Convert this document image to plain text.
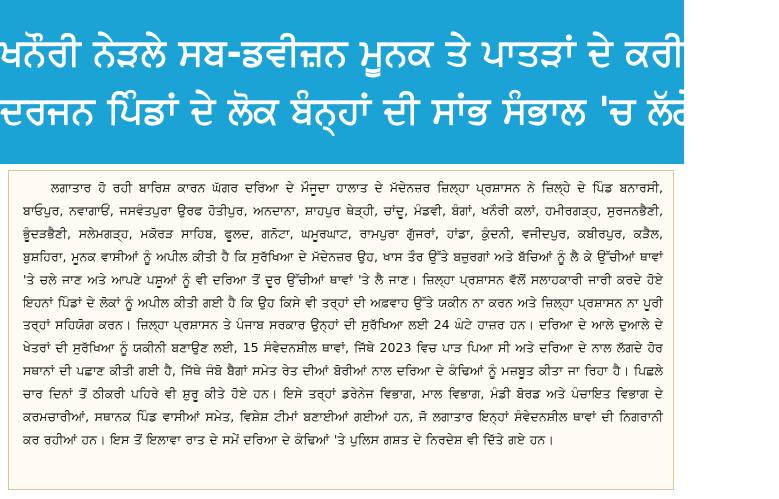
ਖਨੌਰੀ ਨੇੜਲੇ ਸਬ-ਡਵੀਜ਼ਨ ਮੂਨਕ ਤੇ ਪਾਤੜਾਂ ਦੇ ਕਰੀਬ ਤਿੰਨ
ਦਰਜਨ ਪਿੰਡਾਂ ਦੇ ਲੋਕ ਬੰਨ੍ਹਾਂ ਦੀ ਸਾਂਭ ਸੰਭਾਲ 'ਚ ਲੱਗੇ

ਲਗਾਤਾਰ ਹੋ ਰਹੀ ਬਾਰਿਸ਼ ਕਾਰਨ ਘੱਗਰ ਦਰਿਆ ਦੇ ਮੌਜੂਦਾ ਹਾਲਾਤ ਦੇ ਮੱਦੇਨਜ਼ਰ ਜ਼ਿਲ੍ਹਾ ਪ੍ਰਸ਼ਾਸਨ ਨੇ ਜ਼ਿਲ੍ਹੇ ਦੇ ਪਿੰਡ ਬਨਾਰਸੀ, ਬਾਓਪੁਰ, ਨਵਾਗਾਓਂ, ਜਸਵੰਤਪੁਰਾ ਉਰਫ ਹੋਤੀਪੁਰ, ਅਨਦਾਨਾ, ਸ਼ਾਹਪੁਰ ਥੇੜ੍ਹੀ, ਚਾਂਦੂ, ਮੰਡਵੀ, ਬੰਗਾਂ, ਖਨੌਰੀ ਕਲਾਂ, ਹਮੀਰਗੜ੍ਹ, ਸੁਰਜਨਭੈਣੀ, ਭੂੰਦੜਭੈਣੀ, ਸਲੇਮਗੜ੍ਹ, ਮਕੋਰੜ ਸਾਹਿਬ, ਫੂਲਦ, ਗਨੋਟਾ, ਘਮੂਰਘਾਟ, ਰਾਮਪੁਰਾ ਗੁੱਜਰਾਂ, ਹਾਂਡਾ, ਕੁੰਦਨੀ, ਵਜੀਦਪੁਰ, ਕਬੀਰਪੁਰ, ਕੜੈਲ, ਬੁਸ਼ਹਿਰਾ, ਮੂਨਕ ਵਾਸੀਆਂ ਨੂੰ ਅਪੀਲ ਕੀਤੀ ਹੈ ਕਿ ਸੁਰੱਖਿਆ ਦੇ ਮੱਦੇਨਜ਼ਰ ਉਹ, ਖਾਸ ਤੌਰ ਉੱਤੇ ਬਜ਼ੁਰਗਾਂ ਅਤੇ ਬੱਚਿਆਂ ਨੂੰ ਲੈ ਕੇ ਉੱਚੀਆਂ ਥਾਵਾਂ 'ਤੇ ਚਲੇ ਜਾਣ ਅਤੇ ਆਪਣੇ ਪਸ਼ੂਆਂ ਨੂੰ ਵੀ ਦਰਿਆ ਤੋਂ ਦੂਰ ਉੱਚੀਆਂ ਥਾਵਾਂ 'ਤੇ ਲੈ ਜਾਣ। ਜ਼ਿਲ੍ਹਾ ਪ੍ਰਸ਼ਾਸਨ ਵੱਲੋਂ ਸਲਾਹਕਾਰੀ ਜਾਰੀ ਕਰਦੇ ਹੋਏ ਇਹਨਾਂ ਪਿੰਡਾਂ ਦੇ ਲੋਕਾਂ ਨੂੰ ਅਪੀਲ ਕੀਤੀ ਗਈ ਹੈ ਕਿ ਉਹ ਕਿਸੇ ਵੀ ਤਰ੍ਹਾਂ ਦੀ ਅਫ਼ਵਾਹ ਉੱਤੇ ਯਕੀਨ ਨਾ ਕਰਨ ਅਤੇ ਜ਼ਿਲ੍ਹਾ ਪ੍ਰਸ਼ਾਸਨ ਨਾ ਪੂਰੀ ਤਰ੍ਹਾਂ ਸਹਿਯੋਗ ਕਰਨ। ਜ਼ਿਲ੍ਹਾ ਪ੍ਰਸ਼ਾਸਨ ਤੇ ਪੰਜਾਬ ਸਰਕਾਰ ਉਨ੍ਹਾਂ ਦੀ ਸੁਰੱਖਿਆ ਲਈ 24 ਘੰਟੇ ਹਾਜ਼ਰ ਹਨ। ਦਰਿਆ ਦੇ ਆਲੇ ਦੁਆਲੇ ਦੇ ਖੇਤਰਾਂ ਦੀ ਸੁਰੱਖਿਆ ਨੂੰ ਯਕੀਨੀ ਬਣਾਉਣ ਲਈ, 15 ਸੰਵੇਦਨਸ਼ੀਲ ਥਾਵਾਂ, ਜਿੱਥੇ 2023 ਵਿਚ ਪਾੜ ਪਿਆ ਸੀ ਅਤੇ ਦਰਿਆ ਦੇ ਨਾਲ ਲੱਗਦੇ ਹੋਰ ਸਥਾਨਾਂ ਦੀ ਪਛਾਣ ਕੀਤੀ ਗਈ ਹੈ, ਜਿੱਥੇ ਜੰਬੋ ਬੈਗਾਂ ਸਮੇਤ ਰੇਤ ਦੀਆਂ ਬੋਰੀਆਂ ਨਾਲ ਦਰਿਆ ਦੇ ਕੰਢਿਆਂ ਨੂੰ ਮਜ਼ਬੂਤ ਕੀਤਾ ਜਾ ਰਿਹਾ ਹੈ। ਪਿਛਲੇ ਚਾਰ ਦਿਨਾਂ ਤੋਂ ਠੀਕਰੀ ਪਹਿਰੇ ਵੀ ਸ਼ੁਰੂ ਕੀਤੇ ਹੋਏ ਹਨ। ਇਸੇ ਤਰ੍ਹਾਂ ਡਰੇਨੇਜ ਵਿਭਾਗ, ਮਾਲ ਵਿਭਾਗ, ਮੰਡੀ ਬੋਰਡ ਅਤੇ ਪੰਚਾਇਤ ਵਿਭਾਗ ਦੇ ਕਰਮਚਾਰੀਆਂ, ਸਥਾਨਕ ਪਿੰਡ ਵਾਸੀਆਂ ਸਮੇਤ, ਵਿਸ਼ੇਸ਼ ਟੀਮਾਂ ਬਣਾਈਆਂ ਗਈਆਂ ਹਨ, ਜੋ ਲਗਾਤਾਰ ਇਨ੍ਹਾਂ ਸੰਵੇਦਨਸ਼ੀਲ ਥਾਵਾਂ ਦੀ ਨਿਗਰਾਨੀ ਕਰ ਰਹੀਆਂ ਹਨ। ਇਸ ਤੋਂ ਇਲਾਵਾ ਰਾਤ ਦੇ ਸਮੇਂ ਦਰਿਆ ਦੇ ਕੰਢਿਆਂ 'ਤੇ ਪੁਲਿਸ ਗਸ਼ਤ ਦੇ ਨਿਰਦੇਸ਼ ਵੀ ਦਿੱਤੇ ਗਏ ਹਨ।
